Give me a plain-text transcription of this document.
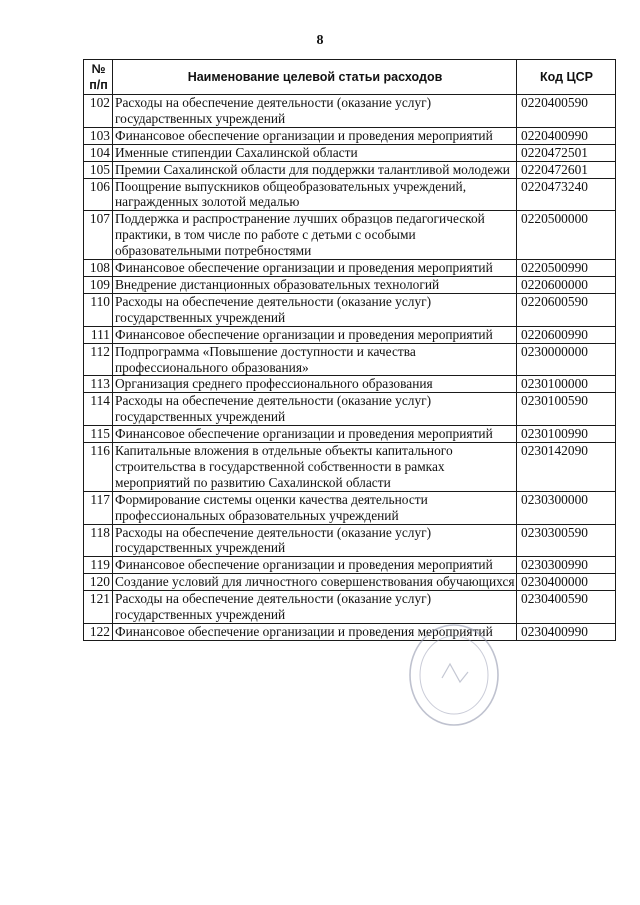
8
№ п/п	Наименование целевой статьи расходов	Код ЦСР
102	Расходы на обеспечение деятельности (оказание услуг) государственных учреждений	0220400590
103	Финансовое обеспечение организации и проведения мероприятий	0220400990
104	Именные стипендии Сахалинской области	0220472501
105	Премии Сахалинской области для поддержки талантливой молодежи	0220472601
106	Поощрение выпускников общеобразовательных учреждений, награжденных золотой медалью	0220473240
107	Поддержка и распространение лучших образцов педагогической практики, в том числе по работе с детьми с особыми образовательными потребностями	0220500000
108	Финансовое обеспечение организации и проведения мероприятий	0220500990
109	Внедрение дистанционных образовательных технологий	0220600000
110	Расходы на обеспечение деятельности (оказание услуг) государственных учреждений	0220600590
111	Финансовое обеспечение организации и проведения мероприятий	0220600990
112	Подпрограмма «Повышение доступности и качества профессионального образования»	0230000000
113	Организация среднего профессионального образования	0230100000
114	Расходы на обеспечение деятельности (оказание услуг) государственных учреждений	0230100590
115	Финансовое обеспечение организации и проведения мероприятий	0230100990
116	Капитальные вложения в отдельные объекты капитального строительства в государственной собственности в рамках мероприятий по развитию Сахалинской области	0230142090
117	Формирование системы оценки качества деятельности профессиональных образовательных учреждений	0230300000
118	Расходы на обеспечение деятельности (оказание услуг) государственных учреждений	0230300590
119	Финансовое обеспечение организации и проведения мероприятий	0230300990
120	Создание условий для личностного совершенствования обучающихся	0230400000
121	Расходы на обеспечение деятельности (оказание услуг) государственных учреждений	0230400590
122	Финансовое обеспечение организации и проведения мероприятий	0230400990
